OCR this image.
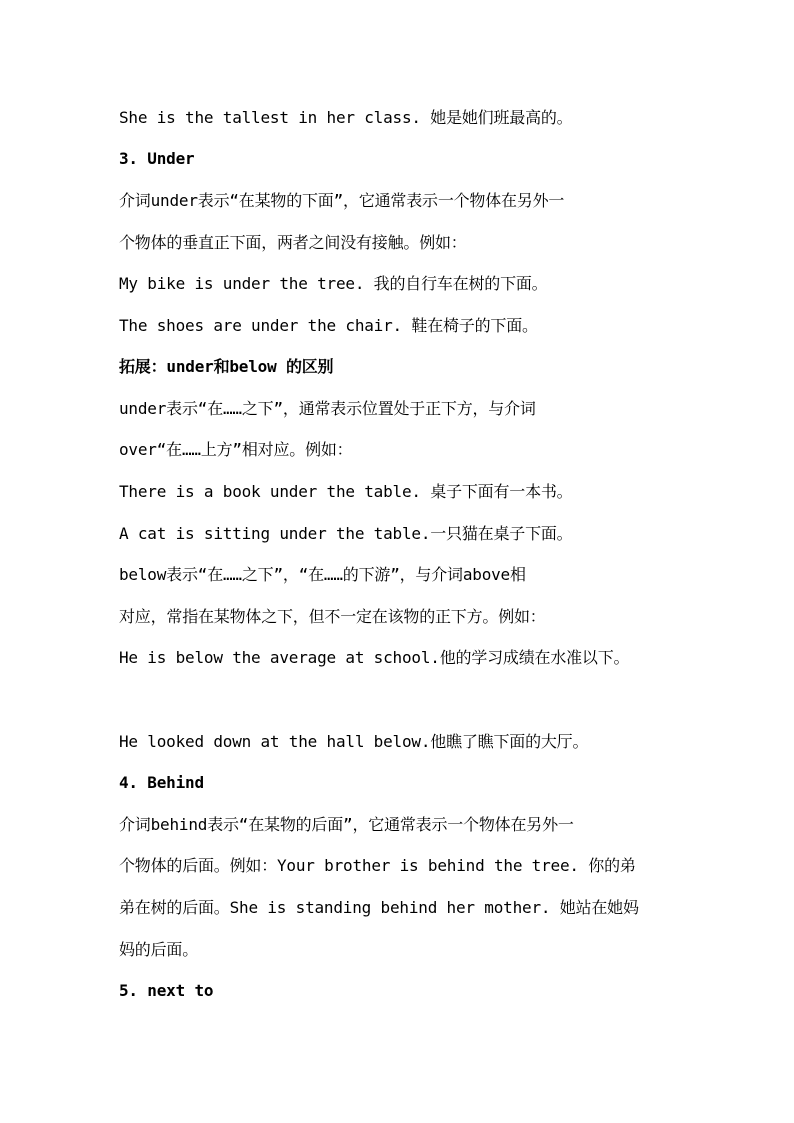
She is the tallest in her class. 她是她们班最高的。
3. Under
介词under表示“在某物的下面”，它通常表示一个物体在另外一
个物体的垂直正下面，两者之间没有接触。例如：
My bike is under the tree. 我的自行车在树的下面。
The shoes are under the chair. 鞋在椅子的下面。
拓展：under和below 的区别
under表示“在……之下”，通常表示位置处于正下方，与介词
over“在……上方”相对应。例如：
There is a book under the table. 桌子下面有一本书。
A cat is sitting under the table.一只猫在桌子下面。
below表示“在……之下”，“在……的下游”，与介词above相
对应，常指在某物体之下，但不一定在该物的正下方。例如：
He is below the average at school.他的学习成绩在水准以下。
He looked down at the hall below.他瞧了瞧下面的大厅。
4. Behind
介词behind表示“在某物的后面”，它通常表示一个物体在另外一
个物体的后面。例如：Your brother is behind the tree. 你的弟
弟在树的后面。She is standing behind her mother. 她站在她妈
妈的后面。
5. next to
